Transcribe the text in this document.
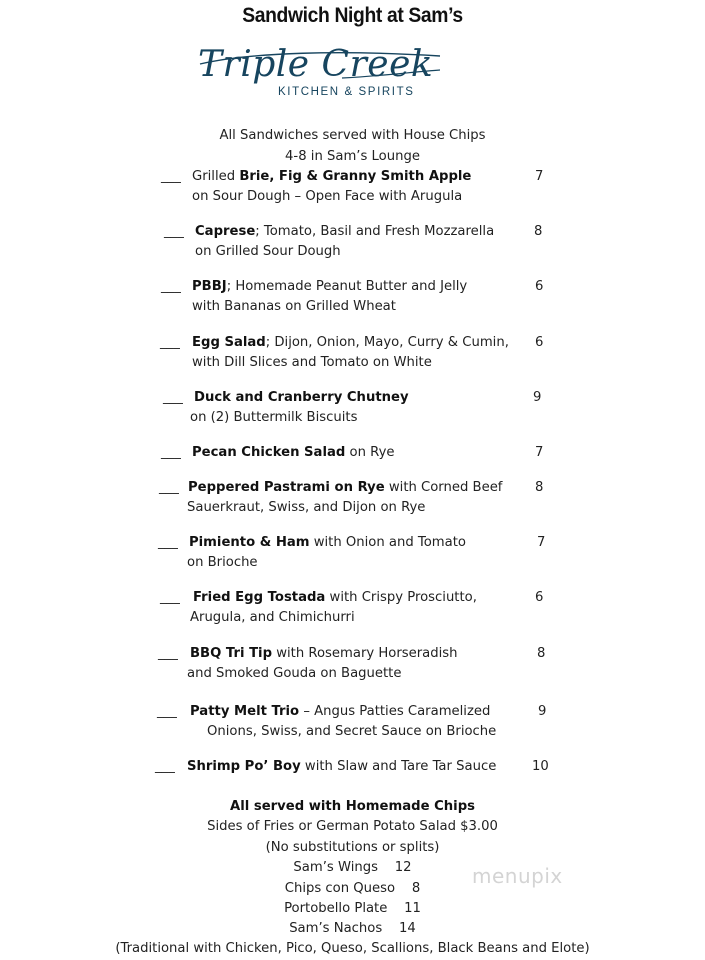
Sandwich Night at Sam’s
Triple Creek
KITCHEN & SPIRITS
All Sandwiches served with House Chips
4-8 in Sam’s Lounge
___ Grilled Brie, Fig & Granny Smith Apple
on Sour Dough – Open Face with Arugula
7
___ Caprese; Tomato, Basil and Fresh Mozzarella
on Grilled Sour Dough
8
___ PBBJ; Homemade Peanut Butter and Jelly
with Bananas on Grilled Wheat
6
___ Egg Salad; Dijon, Onion, Mayo, Curry & Cumin,
with Dill Slices and Tomato on White
6
___ Duck and Cranberry Chutney
on (2) Buttermilk Biscuits
9
___ Pecan Chicken Salad on Rye	7
___ Peppered Pastrami on Rye with Corned Beef
Sauerkraut, Swiss, and Dijon on Rye
8
___ Pimiento & Ham with Onion and Tomato
on Brioche
7
___ Fried Egg Tostada with Crispy Prosciutto,
Arugula, and Chimichurri
6
___ BBQ Tri Tip with Rosemary Horseradish
and Smoked Gouda on Baguette
8
___ Patty Melt Trio – Angus Patties Caramelized
Onions, Swiss, and Secret Sauce on Brioche
9
___ Shrimp Po’ Boy with Slaw and Tare Tar Sauce	10
All served with Homemade Chips
Sides of Fries or German Potato Salad $3.00
(No substitutions or splits)
Sam’s Wings 12
Chips con Queso 8
Portobello Plate 11
Sam’s Nachos 14
(Traditional with Chicken, Pico, Queso, Scallions, Black Beans and Elote)
menupix
